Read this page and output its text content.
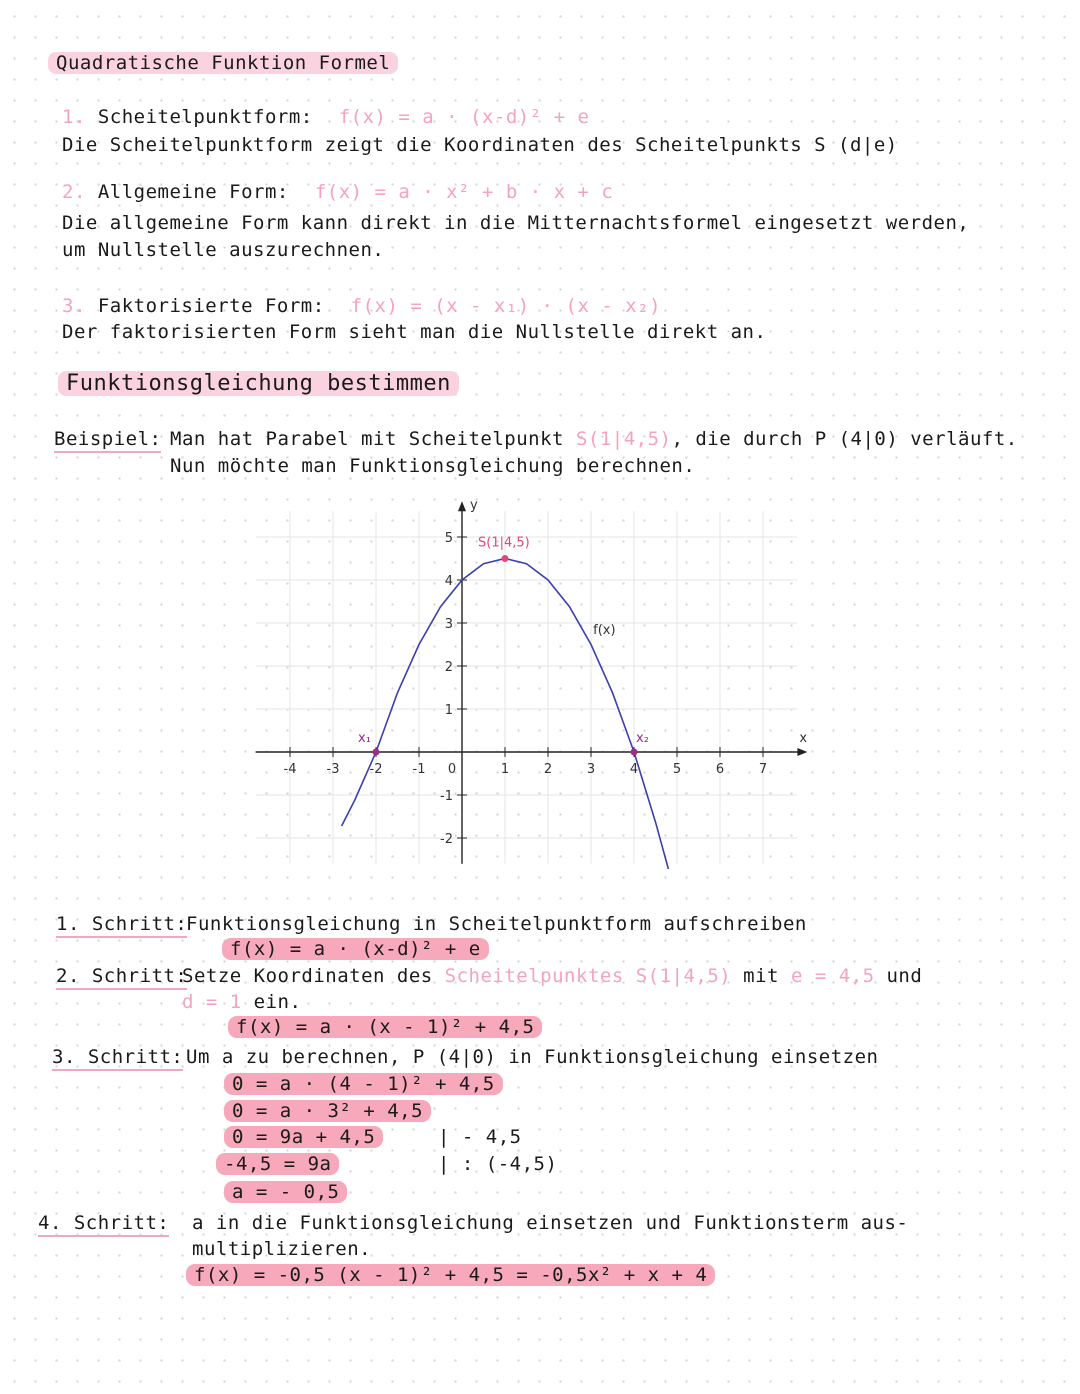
Quadratische Funktion Formel
1. Scheitelpunktform: f(x) = a · (x-d)² + e
Die Scheitelpunktform zeigt die Koordinaten des Scheitelpunkts S (d|e)
2. Allgemeine Form: f(x) = a · x² + b · x + c
Die allgemeine Form kann direkt in die Mitternachtsformel eingesetzt werden,
um Nullstelle auszurechnen.
3. Faktorisierte Form: f(x) = (x - x₁) · (x - x₂)
Der faktorisierten Form sieht man die Nullstelle direkt an.
Funktionsgleichung bestimmen
Beispiel: Man hat Parabel mit Scheitelpunkt S(1|4,5), die durch P (4|0) verläuft.
Nun möchte man Funktionsgleichung berechnen.
x
y
-4 -3 -2 -1 0	1	2	3	4	5	6	7
-2
-1
1
2
3
4
5
f(x)
S(1|4,5)
x₁	x₂
1. Schritt:
Funktionsgleichung in Scheitelpunktform aufschreiben
f(x) = a · (x-d)² + e
2. Schritt:
Setze Koordinaten des Scheitelpunktes S(1|4,5) mit e = 4,5 und
d = 1 ein.
f(x) = a · (x - 1)² + 4,5
3. Schritt: Um a zu berechnen, P (4|0) in Funktionsgleichung einsetzen
0 = a · (4 - 1)² + 4,5
0 = a · 3² + 4,5
0 = 9a + 4,5	| - 4,5
-4,5 = 9a	| : (-4,5)
a = - 0,5
4. Schritt: a in die Funktionsgleichung einsetzen und Funktionsterm aus-
multiplizieren.
f(x) = -0,5 (x - 1)² + 4,5 = -0,5x² + x + 4
